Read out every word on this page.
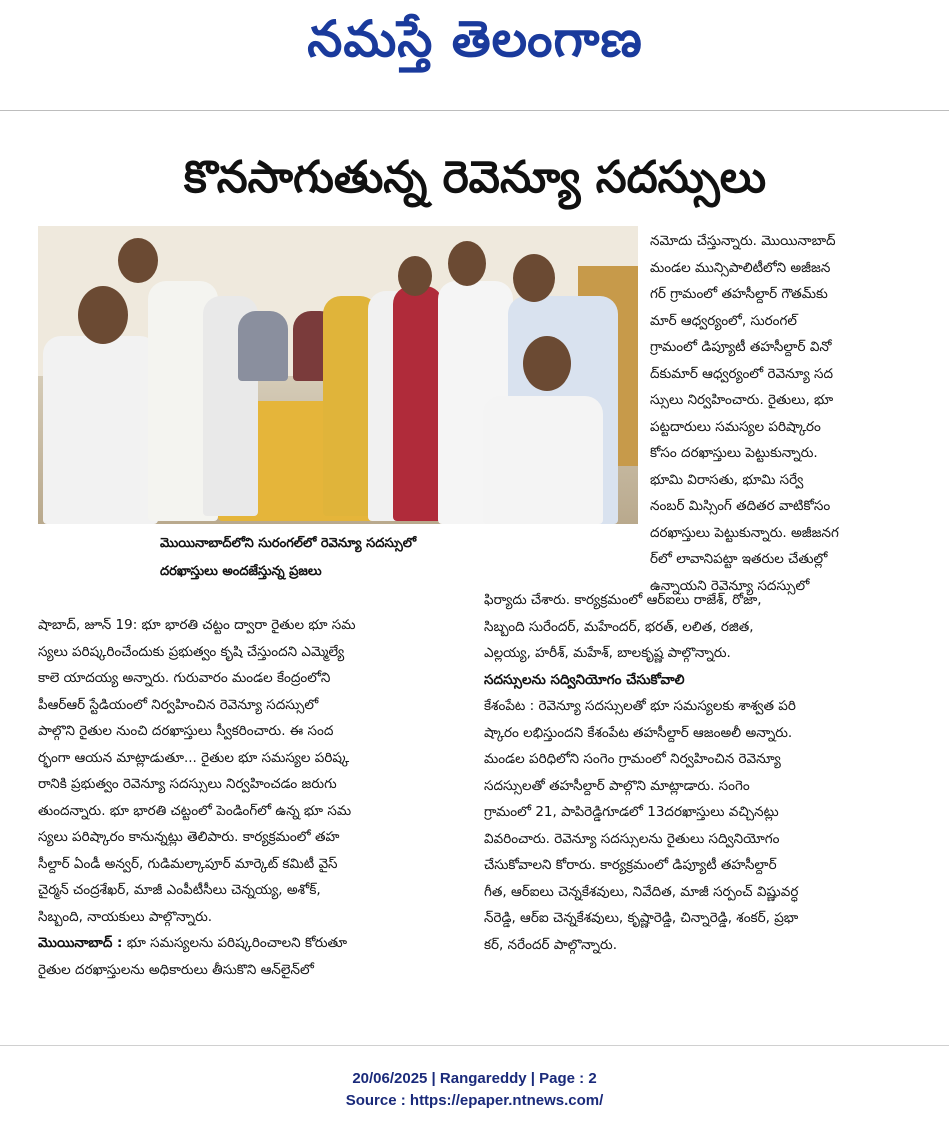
నమస్తే తెలంగాణ
కొనసాగుతున్న రెవెన్యూ సదస్సులు
మొయినాబాద్‌లోని సురంగల్‌లో రెవెన్యూ సదస్సులో
దరఖాస్తులు అందజేస్తున్న ప్రజలు
నమోదు చేస్తున్నారు. మొయినాబాద్
మండల మున్సిపాలిటీలోని అజీజన
గర్ గ్రామంలో తహసీల్దార్ గౌతమ్‌కు
మార్ ఆధ్వర్యంలో, సురంగల్
గ్రామంలో డిప్యూటీ తహసీల్దార్ వినో
ద్‌కుమార్ ఆధ్వర్యంలో రెవెన్యూ సద
స్సులు నిర్వహించారు. రైతులు, భూ
పట్టదారులు సమస్యల పరిష్కారం
కోసం దరఖాస్తులు పెట్టుకున్నారు.
భూమి విరాసతు, భూమి సర్వే
నంబర్ మిస్సింగ్ తదితర వాటికోసం
దరఖాస్తులు పెట్టుకున్నారు. అజీజనగ
ర్‌లో లావానిపట్టా ఇతరుల చేతుల్లో
ఉన్నాయని రెవెన్యూ సదస్సులో
షాబాద్, జూన్ 19: భూ భారతి చట్టం ద్వారా రైతుల భూ సమ
స్యలు పరిష్కరించేందుకు ప్రభుత్వం కృషి చేస్తుందని ఎమ్మెల్యే
కాలె యాదయ్య అన్నారు. గురువారం మండల కేంద్రంలోని
పీఆర్ఆర్ స్టేడియంలో నిర్వహించిన రెవెన్యూ సదస్సులో
పాల్గొని రైతుల నుంచి దరఖాస్తులు స్వీకరించారు. ఈ సంద
ర్భంగా ఆయన మాట్లాడుతూ... రైతుల భూ సమస్యల పరిష్క
రానికి ప్రభుత్వం రెవెన్యూ సదస్సులు నిర్వహించడం జరుగు
తుందన్నారు. భూ భారతి చట్టంలో పెండింగ్‌లో ఉన్న భూ సమ
స్యలు పరిష్కారం కానున్నట్లు తెలిపారు. కార్యక్రమంలో తహ
సీల్దార్ ఏండీ అన్వర్, గుడిమల్కాపూర్ మార్కెట్ కమిటీ వైస్
చైర్మన్ చంద్రశేఖర్, మాజీ ఎంపీటీసీలు చెన్నయ్య, అశోక్,
సిబ్బంది, నాయకులు పాల్గొన్నారు.
మొయినాబాద్ : భూ సమస్యలను పరిష్కరించాలని కోరుతూ
రైతుల దరఖాస్తులను అధికారులు తీసుకొని ఆన్‌లైన్‌లో
ఫిర్యాదు చేశారు. కార్యక్రమంలో ఆర్‌ఐలు రాజేశ్, రోజా,
సిబ్బంది సురేందర్, మహేందర్, భరత్, లలిత, రజిత,
ఎల్లయ్య, హరీశ్, మహేశ్, బాలకృష్ణ పాల్గొన్నారు.
సదస్సులను సద్వినియోగం చేసుకోవాలి
కేశంపేట : రెవెన్యూ సదస్సులతో భూ సమస్యలకు శాశ్వత పరి
ష్కారం లభిస్తుందని కేశంపేట తహసీల్దార్ ఆజంఅలీ అన్నారు.
మండల పరిధిలోని సంగెం గ్రామంలో నిర్వహించిన రెవెన్యూ
సదస్సులతో తహసీల్దార్ పాల్గొని మాట్లాడారు. సంగెం
గ్రామంలో 21, పాపిరెడ్డిగూడలో 13దరఖాస్తులు వచ్చినట్లు
వివరించారు. రెవెన్యూ సదస్సులను రైతులు సద్వినియోగం
చేసుకోవాలని కోరారు. కార్యక్రమంలో డిప్యూటీ తహసీల్దార్
గీత, ఆర్‌ఐలు చెన్నకేశవులు, నివేదిత, మాజీ సర్పంచ్ విష్ణువర్ధ
న్‌రెడ్డి, ఆర్ఐ చెన్నకేశవులు, కృష్ణారెడ్డి, చిన్నారెడ్డి, శంకర్, ప్రభా
కర్, నరేందర్ పాల్గొన్నారు.
20/06/2025 | Rangareddy | Page : 2
Source : https://epaper.ntnews.com/
